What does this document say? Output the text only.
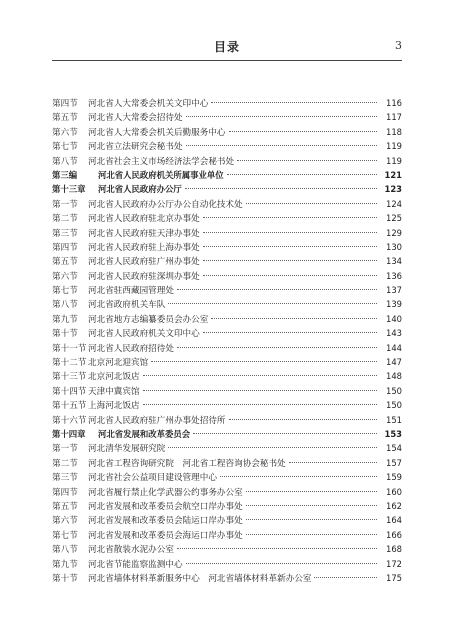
目录	3
第四节	河北省人大常委会机关文印中心	116
第五节	河北省人大常委会招待处	117
第六节	河北省人大常委会机关后勤服务中心	118
第七节	河北省立法研究会秘书处	119
第八节	河北省社会主义市场经济法学会秘书处	119
第三编	河北省人民政府机关所属事业单位	121
第十三章	河北省人民政府办公厅	123
第一节	河北省人民政府办公厅办公自动化技术处	124
第二节	河北省人民政府驻北京办事处	125
第三节	河北省人民政府驻天津办事处	129
第四节	河北省人民政府驻上海办事处	130
第五节	河北省人民政府驻广州办事处	134
第六节	河北省人民政府驻深圳办事处	136
第七节	河北省驻西藏园管理处	137
第八节	河北省政府机关车队	139
第九节	河北省地方志编纂委员会办公室	140
第十节	河北省人民政府机关文印中心	143
第十一节 河北省人民政府招待处	144
第十二节 北京河北迎宾馆	147
第十三节 北京河北饭店	148
第十四节 天津中冀宾馆	150
第十五节 上海河北饭店	150
第十六节 河北省人民政府驻广州办事处招待所	151
第十四章	河北省发展和改革委员会	153
第一节	河北清华发展研究院	154
第二节	河北省工程咨询研究院　河北省工程咨询协会秘书处	157
第三节	河北省社会公益项目建设管理中心	159
第四节	河北省履行禁止化学武器公约事务办公室	160
第五节	河北省发展和改革委员会航空口岸办事处	162
第六节	河北省发展和改革委员会陆运口岸办事处	164
第七节	河北省发展和改革委员会海运口岸办事处	166
第八节	河北省散装水泥办公室	168
第九节	河北省节能监察监测中心	172
第十节	河北省墙体材料革新服务中心　河北省墙体材料革新办公室	175
